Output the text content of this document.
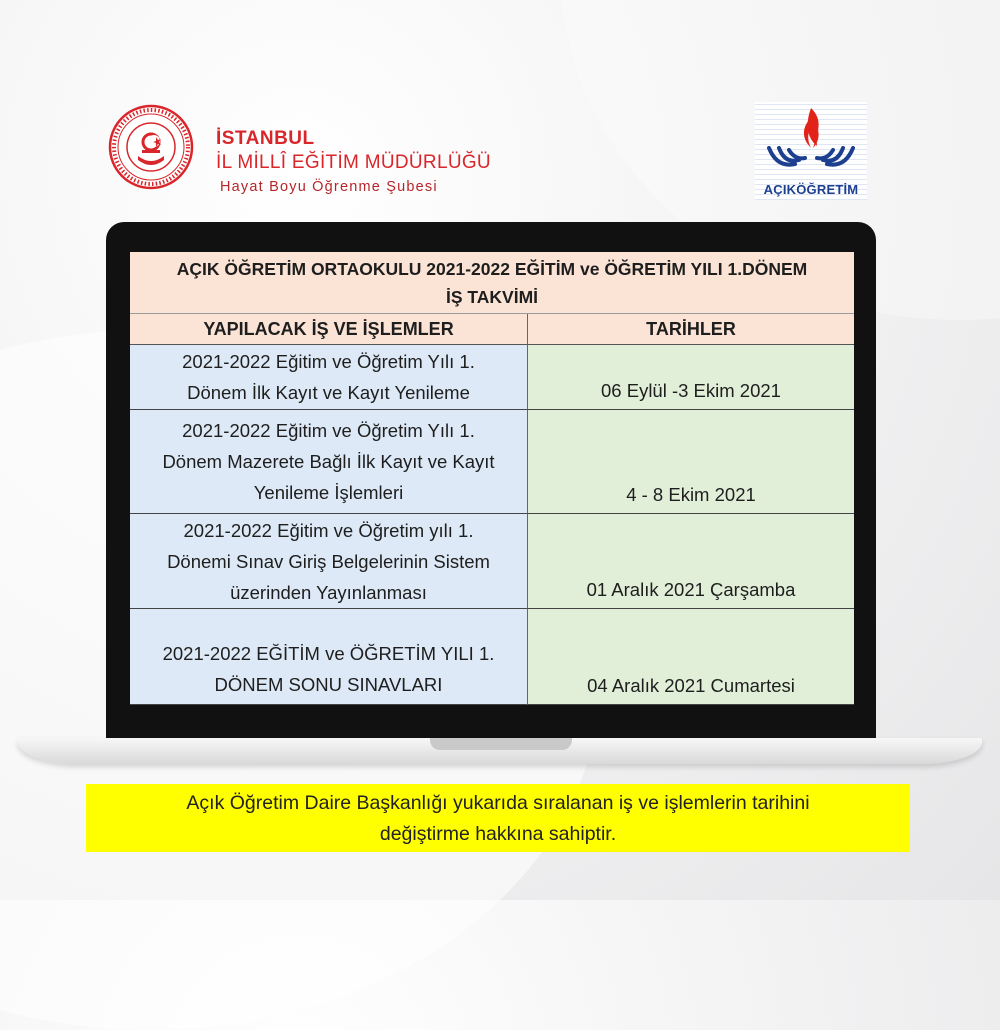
İSTANBUL
İL MİLLÎ EĞİTİM MÜDÜRLÜĞÜ
Hayat Boyu Öğrenme Şubesi	AÇIKÖĞRETİM
AÇIK ÖĞRETİM ORTAOKULU 2021-2022 EĞİTİM ve ÖĞRETİM YILI 1.DÖNEM
İŞ TAKVİMİ
YAPILACAK İŞ VE İŞLEMLER	TARİHLER
2021-2022 Eğitim ve Öğretim Yılı 1.
Dönem İlk Kayıt ve Kayıt Yenileme	06 Eylül -3 Ekim 2021
2021-2022 Eğitim ve Öğretim Yılı 1.
Dönem Mazerete Bağlı İlk Kayıt ve Kayıt
Yenileme İşlemleri	4 - 8 Ekim 2021
2021-2022 Eğitim ve Öğretim yılı 1.
Dönemi Sınav Giriş Belgelerinin Sistem
üzerinden Yayınlanması	01 Aralık 2021 Çarşamba
2021-2022 EĞİTİM ve ÖĞRETİM YILI 1.
DÖNEM SONU SINAVLARI	04 Aralık 2021 Cumartesi
Açık Öğretim Daire Başkanlığı yukarıda sıralanan iş ve işlemlerin tarihini
değiştirme hakkına sahiptir.
